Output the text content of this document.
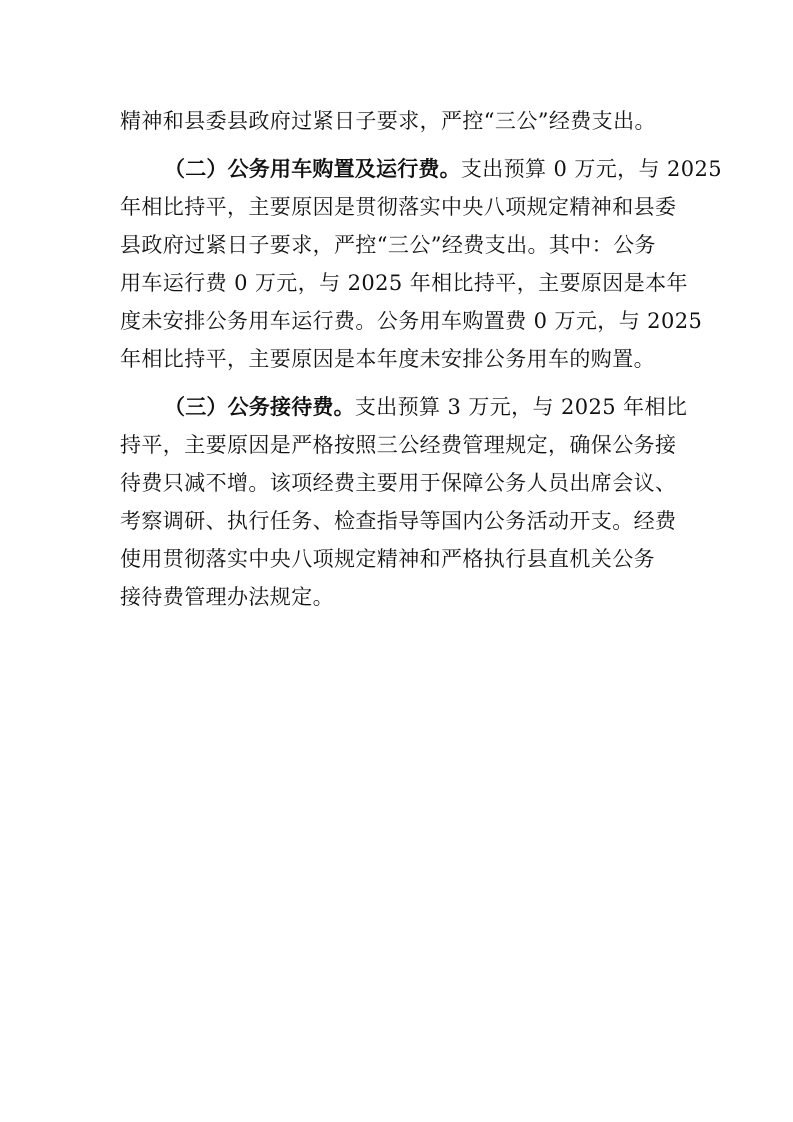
精神和县委县政府过紧日子要求，严控“三公”经费支出。
（二）公务用车购置及运行费。支出预算 0 万元，与 2025
年相比持平，主要原因是贯彻落实中央八项规定精神和县委
县政府过紧日子要求，严控“三公”经费支出。其中：公务
用车运行费 0 万元，与 2025 年相比持平，主要原因是本年
度未安排公务用车运行费。公务用车购置费 0 万元，与 2025
年相比持平，主要原因是本年度未安排公务用车的购置。
（三）公务接待费。支出预算 3 万元，与 2025 年相比
持平，主要原因是严格按照三公经费管理规定，确保公务接
待费只减不增。该项经费主要用于保障公务人员出席会议、
考察调研、执行任务、检查指导等国内公务活动开支。经费
使用贯彻落实中央八项规定精神和严格执行县直机关公务
接待费管理办法规定。
